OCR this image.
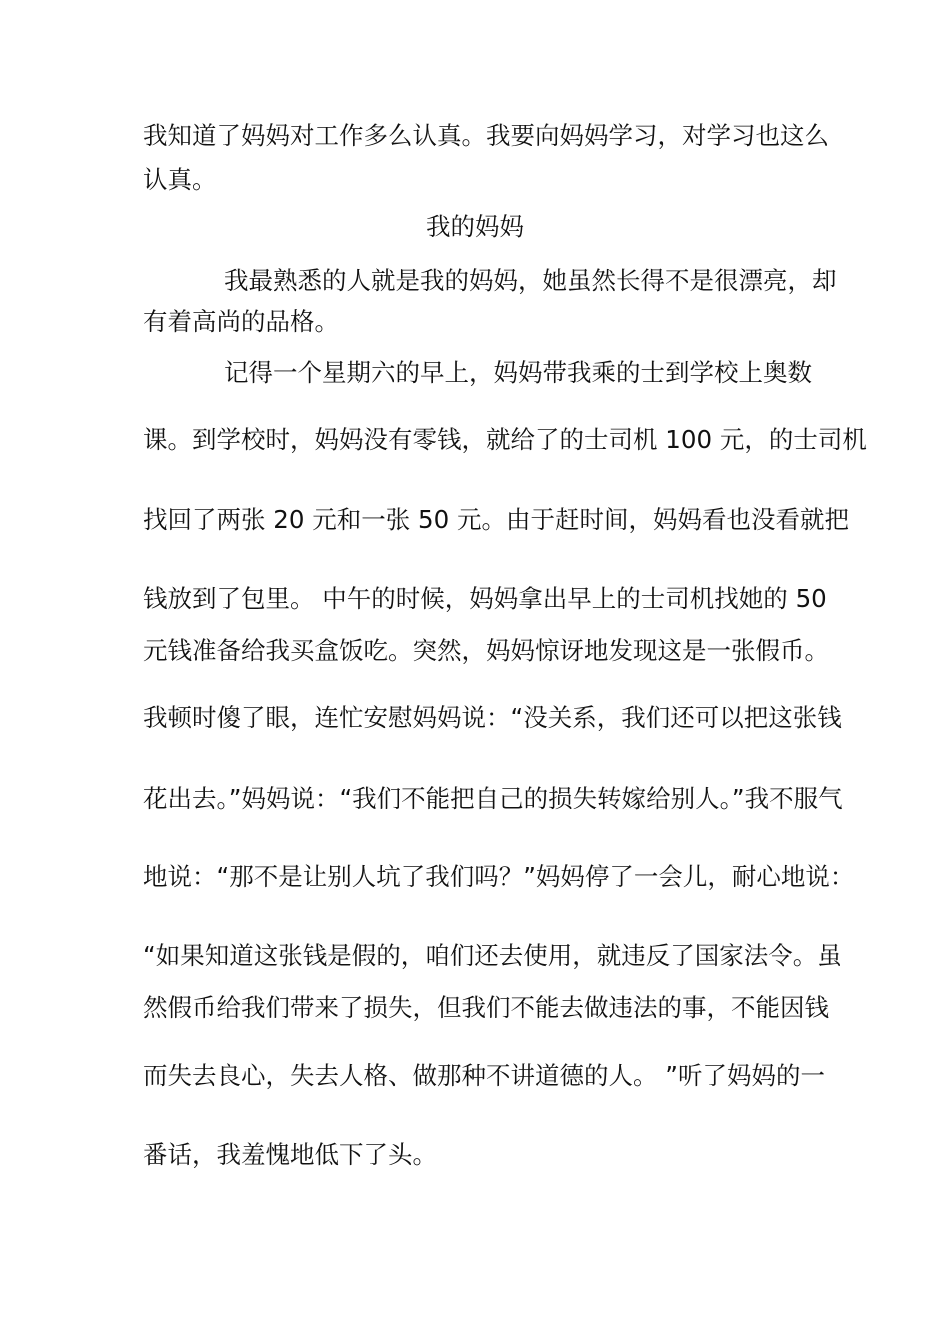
我知道了妈妈对工作多么认真。我要向妈妈学习，对学习也这么
认真。
我的妈妈
我最熟悉的人就是我的妈妈，她虽然长得不是很漂亮，却
有着高尚的品格。
记得一个星期六的早上，妈妈带我乘的士到学校上奥数
课。到学校时，妈妈没有零钱，就给了的士司机 100 元，的士司机
找回了两张 20 元和一张 50 元。由于赶时间，妈妈看也没看就把
钱放到了包里。 中午的时候，妈妈拿出早上的士司机找她的 50
元钱准备给我买盒饭吃。突然，妈妈惊讶地发现这是一张假币。
我顿时傻了眼，连忙安慰妈妈说：“没关系，我们还可以把这张钱
花出去。”妈妈说：“我们不能把自己的损失转嫁给别人。”我不服气
地说：“那不是让别人坑了我们吗？”妈妈停了一会儿，耐心地说：
“如果知道这张钱是假的，咱们还去使用，就违反了国家法令。虽
然假币给我们带来了损失，但我们不能去做违法的事，不能因钱
而失去良心，失去人格、做那种不讲道德的人。 ”听了妈妈的一
番话，我羞愧地低下了头。
